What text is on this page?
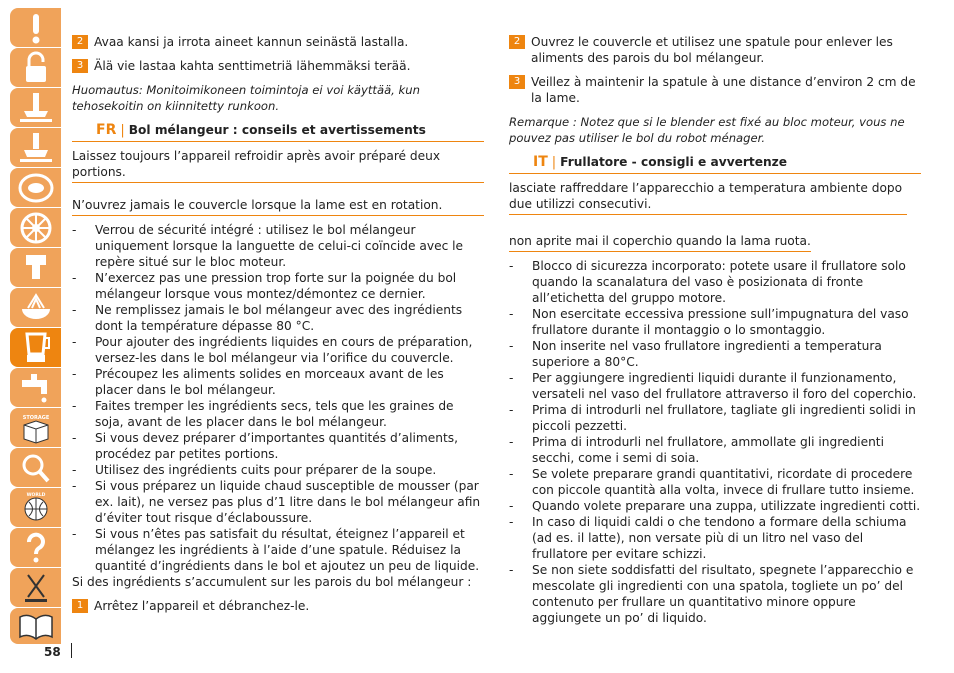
STORAGE
WORLD
58
2 Avaa kansi ja irrota aineet kannun seinästä lastalla.
3 Älä vie lastaa kahta senttimetriä lähemmäksi terää.

Huomautus: Monitoimikoneen toimintoja ei voi käyttää, kun tehosekoitin on kiinnitetty runkoon.

FR | Bol mélangeur : conseils et avertissements
Laissez toujours l’appareil refroidir après avoir préparé deux portions.
N’ouvrez jamais le couvercle lorsque la lame est en rotation.
- Verrou de sécurité intégré : utilisez le bol mélangeur uniquement lorsque la languette de celui-ci coïncide avec le repère situé sur le bloc moteur.
- N’exercez pas une pression trop forte sur la poignée du bol mélangeur lorsque vous montez/démontez ce dernier.
- Ne remplissez jamais le bol mélangeur avec des ingrédients dont la température dépasse 80 °C.
- Pour ajouter des ingrédients liquides en cours de préparation, versez-les dans le bol mélangeur via l’orifice du couvercle.
- Précoupez les aliments solides en morceaux avant de les placer dans le bol mélangeur.
- Faites tremper les ingrédients secs, tels que les graines de soja, avant de les placer dans le bol mélangeur.
- Si vous devez préparer d’importantes quantités d’aliments, procédez par petites portions.
- Utilisez des ingrédients cuits pour préparer de la soupe.
- Si vous préparez un liquide chaud susceptible de mousser (par ex. lait), ne versez pas plus d’1 litre dans le bol mélangeur afin d’éviter tout risque d’éclaboussure.
- Si vous n’êtes pas satisfait du résultat, éteignez l’appareil et mélangez les ingrédients à l’aide d’une spatule. Réduisez la quantité d’ingrédients dans le bol et ajoutez un peu de liquide.
Si des ingrédients s’accumulent sur les parois du bol mélangeur :
1 Arrêtez l’appareil et débranchez-le.
2 Ouvrez le couvercle et utilisez une spatule pour enlever les aliments des parois du bol mélangeur.
3 Veillez à maintenir la spatule à une distance d’environ 2 cm de la lame.

Remarque : Notez que si le blender est fixé au bloc moteur, vous ne pouvez pas utiliser le bol du robot ménager.

IT | Frullatore - consigli e avvertenze
lasciate raffreddare l’apparecchio a temperatura ambiente dopo due utilizzi consecutivi.
non aprite mai il coperchio quando la lama ruota.
- Blocco di sicurezza incorporato: potete usare il frullatore solo quando la scanalatura del vaso è posizionata di fronte all’etichetta del gruppo motore.
- Non esercitate eccessiva pressione sull’impugnatura del vaso frullatore durante il montaggio o lo smontaggio.
- Non inserite nel vaso frullatore ingredienti a temperatura superiore a 80°C.
- Per aggiungere ingredienti liquidi durante il funzionamento, versateli nel vaso del frullatore attraverso il foro del coperchio.
- Prima di introdurli nel frullatore, tagliate gli ingredienti solidi in piccoli pezzetti.
- Prima di introdurli nel frullatore, ammollate gli ingredienti secchi, come i semi di soia.
- Se volete preparare grandi quantitativi, ricordate di procedere con piccole quantità alla volta, invece di frullare tutto insieme.
- Quando volete preparare una zuppa, utilizzate ingredienti cotti.
- In caso di liquidi caldi o che tendono a formare della schiuma (ad es. il latte), non versate più di un litro nel vaso del frullatore per evitare schizzi.
- Se non siete soddisfatti del risultato, spegnete l’apparecchio e mescolate gli ingredienti con una spatola, togliete un po’ del contenuto per frullare un quantitativo minore oppure aggiungete un po’ di liquido.
